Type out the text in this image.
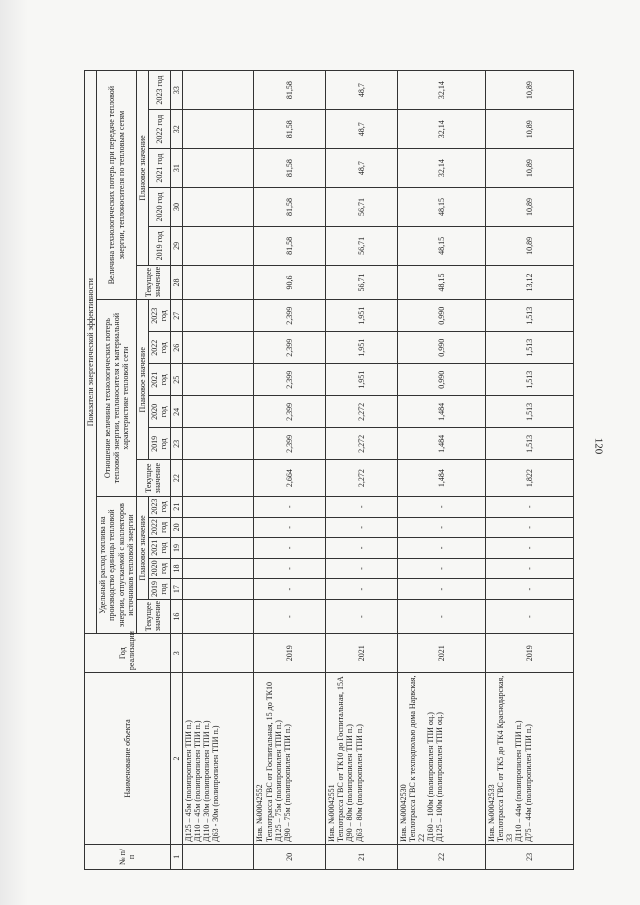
120
№ п/п	Наименование объекта	Год реализации	Показатели энергетической эффективности																	
			Удельный расход топлива на производство единицы тепловой энергии, отпускаемой с коллекторов источников тепловой энергии						Отношение величины технологических потерь тепловой энергии, теплоносителя к материальной характеристике тепловой сети						Величина технологических потерь при передаче тепловой энергии, теплоносителя по тепловым сетям					
			Текущее значение	Плановое значение					Текущее значение	Плановое значение					Текущее значение	Плановое значение				
				2019 год	2020 год	2021 год	2022 год	2023 год		2019 год	2020 год	2021 год	2022 год	2023 год		2019 год	2020 год	2021 год	2022 год	2023 год
1	2	3	16	17	18	19	20	21	22	23	24	25	26	27	28	29	30	31	32	33
	Д125 – 45м (полипропилен ТПИ п.)
Д110 – 45м (полипропилен ТПИ п.)
Д110 – 30м (полипропилен ТПИ п.)
Д63 - 30м (полипропилен ТПИ п.)																			
20	Инв. №00042552
Теплотрасса ГВС от Госпитальная, 15 до ТК10
Д125 – 75м (полипропилен ТПИ п.)
Д90 – 75м (полипропилен ТПИ п.)	2019	-	-	-	-	-	-	2,664	2,399	2,399	2,399	2,399	2,399	90,6	81,58	81,58	81,58	81,58	81,58
21	Инв. №00042551
Теплотрасса ГВС от ТК10 до Госпитальная, 15А
Д90 – 80м (полипропилен ТПИ п.)
Д63 – 80м (полипропилен ТПИ п.)	2021	-	-	-	-	-	-	2,272	2,272	2,272	1,951	1,951	1,951	56,71	56,71	56,71	48,7	48,7	48,7
22	Инв. №00042530
Теплотрасса ГВС к техподполью дома Нарвская, 22
Д160 – 100м (полипропилен ТПИ оц.)
Д125 – 100м (полипропилен ТПИ оц.)	2021	-	-	-	-	-	-	1,484	1,484	1,484	0,990	0,990	0,990	48,15	48,15	48,15	32,14	32,14	32,14
23	Инв. №00042533
Теплотрасса ГВС от ТК5 до ТК4 Краснодарская, 33
Д110 – 44м (полипропилен ТПИ п.)
Д75 – 44м (полипропилен ТПИ п.)	2019	-	-	-	-	-	-	1,822	1,513	1,513	1,513	1,513	1,513	13,12	10,89	10,89	10,89	10,89	10,89
